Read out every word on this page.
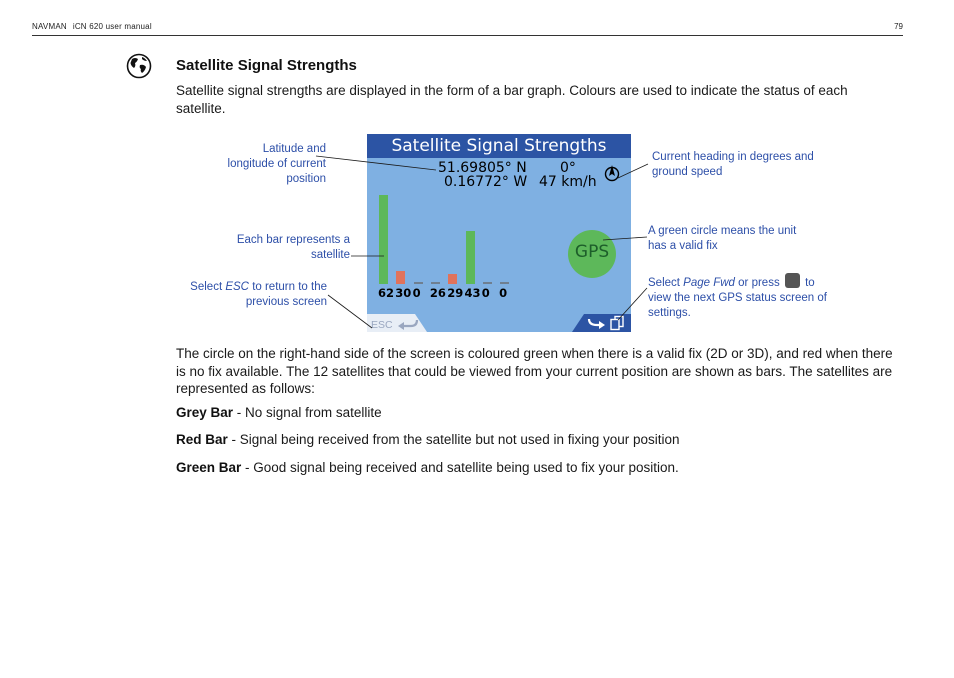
NAVMAN iCN 620 user manual	79
Satellite Signal Strengths
Satellite signal strengths are displayed in the form of a bar graph. Colours are used to indicate the status of each satellite.
Satellite Signal Strengths
51.69805° N
0.16772° W
0°
47 km/h
62 30 0 26 29 43 0 0
GPS
ESC
Latitude and longitude of current position
Each bar represents a satellite
Select ESC to return to the previous screen
Current heading in degrees and ground speed
A green circle means the unit has a valid fix
Select Page Fwd or press  to view the next GPS status screen of settings.
The circle on the right-hand side of the screen is coloured green when there is a valid fix (2D or 3D), and red when there is no fix available. The 12 satellites that could be viewed from your current position are shown as bars. The satellites are represented as follows:
Grey Bar - No signal from satellite
Red Bar - Signal being received from the satellite but not used in fixing your position
Green Bar - Good signal being received and satellite being used to fix your position.
